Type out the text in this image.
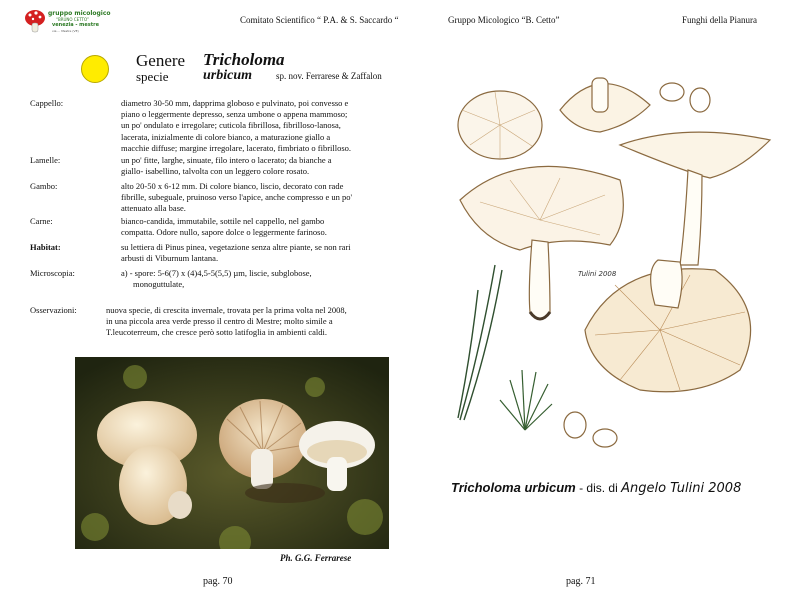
gruppo micologico
“BRUNO CETTO”
venezia - mestre
via ... Mestre (VE)
Comitato Scientifico “ P.A. & S. Saccardo “
Genere Tricholoma
specie urbicum	sp. nov. Ferrarese & Zaffalon
Cappello:	diametro 30-50 mm, dapprima globoso e pulvinato, poi convesso e
piano o leggermente depresso, senza umbone o appena mammoso;
un po' ondulato e irregolare; cuticola fibrillosa, fibrilloso-lanosa,
lacerata, inizialmente di colore bianco, a maturazione giallo a
macchie diffuse; margine irregolare, lacerato, fimbriato o fibrilloso.
Lamelle:	un po' fitte, larghe, sinuate, filo intero o lacerato; da bianche a
giallo- isabellino, talvolta con un leggero colore rosato.
Gambo:	alto 20-50 x 6-12 mm. Di colore bianco, liscio, decorato con rade
fibrille, subeguale, pruinoso verso l'apice, anche compresso e un po'
attenuato alla base.
Carne:	bianco-candida, immutabile, sottile nel cappello, nel gambo
compatta. Odore nullo, sapore dolce o leggermente farinoso.
Habitat:	su lettiera di Pinus pinea, vegetazione senza altre piante, se non rari
arbusti di Viburnum lantana.
Microscopia:	a) - spore: 5-6(7) x (4)4,5-5(5,5) µm, liscie, subglobose,
monoguttulate,
Osservazioni:	nuova specie, di crescita invernale, trovata per la prima volta nel 2008,
in una piccola area verde presso il centro di Mestre; molto simile a
T.leucoterreum, che cresce però sotto latifoglia in ambienti caldi.
Ph. G.G. Ferrarese
pag. 70
Gruppo Micologico “B. Cetto”	Funghi della Pianura
Tulini 2008
Tricholoma urbicum - dis. di Angelo Tulini 2008
pag. 71
